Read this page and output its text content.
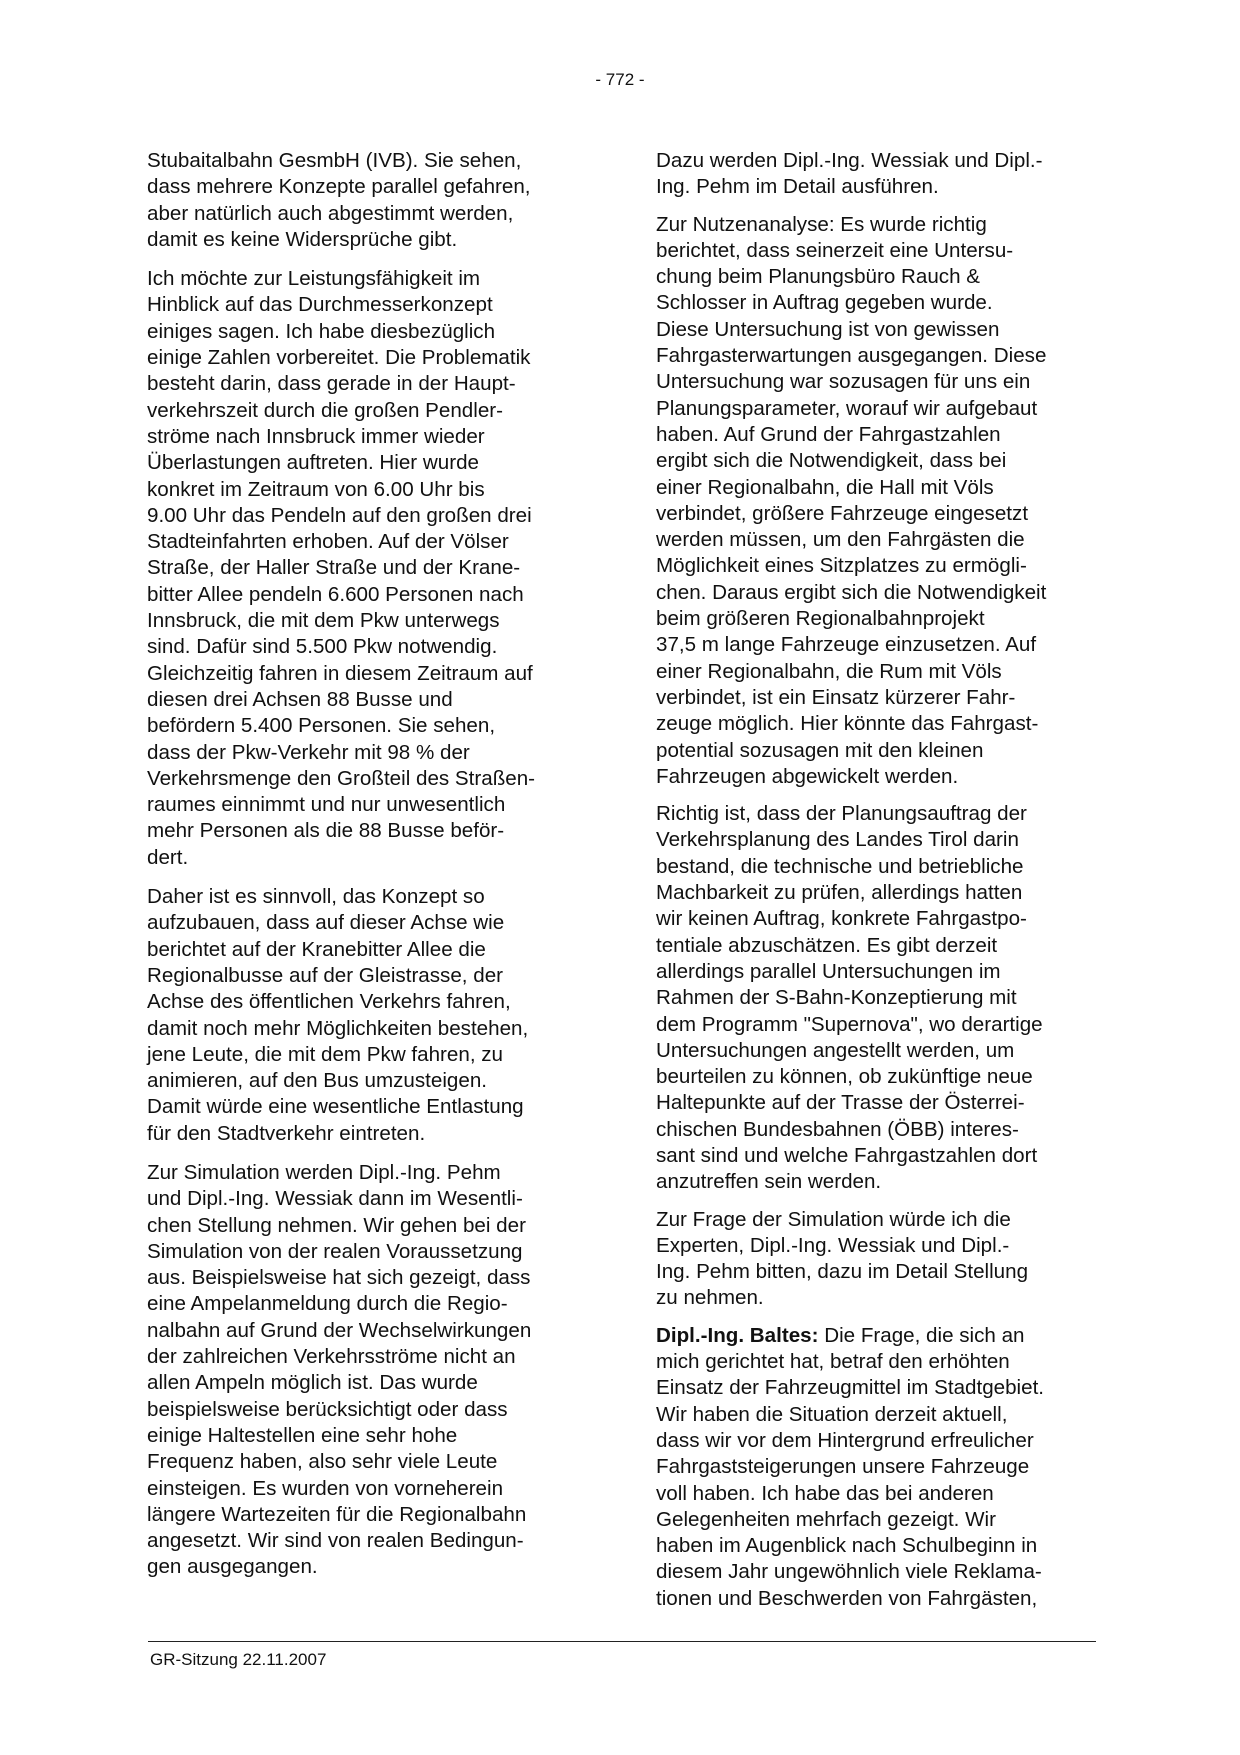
- 772 -

Stubaitalbahn GesmbH (IVB). Sie sehen,
dass mehrere Konzepte parallel gefahren,
aber natürlich auch abgestimmt werden,
damit es keine Widersprüche gibt.

Ich möchte zur Leistungsfähigkeit im
Hinblick auf das Durchmesserkonzept
einiges sagen. Ich habe diesbezüglich
einige Zahlen vorbereitet. Die Problematik
besteht darin, dass gerade in der Haupt-
verkehrszeit durch die großen Pendler-
ströme nach Innsbruck immer wieder
Überlastungen auftreten. Hier wurde
konkret im Zeitraum von 6.00 Uhr bis
9.00 Uhr das Pendeln auf den großen drei
Stadteinfahrten erhoben. Auf der Völser
Straße, der Haller Straße und der Krane-
bitter Allee pendeln 6.600 Personen nach
Innsbruck, die mit dem Pkw unterwegs
sind. Dafür sind 5.500 Pkw notwendig.
Gleichzeitig fahren in diesem Zeitraum auf
diesen drei Achsen 88 Busse und
befördern 5.400 Personen. Sie sehen,
dass der Pkw-Verkehr mit 98 % der
Verkehrsmenge den Großteil des Straßen-
raumes einnimmt und nur unwesentlich
mehr Personen als die 88 Busse beför-
dert.

Daher ist es sinnvoll, das Konzept so
aufzubauen, dass auf dieser Achse wie
berichtet auf der Kranebitter Allee die
Regionalbusse auf der Gleistrasse, der
Achse des öffentlichen Verkehrs fahren,
damit noch mehr Möglichkeiten bestehen,
jene Leute, die mit dem Pkw fahren, zu
animieren, auf den Bus umzusteigen.
Damit würde eine wesentliche Entlastung
für den Stadtverkehr eintreten.

Zur Simulation werden Dipl.-Ing. Pehm
und Dipl.-Ing. Wessiak dann im Wesentli-
chen Stellung nehmen. Wir gehen bei der
Simulation von der realen Voraussetzung
aus. Beispielsweise hat sich gezeigt, dass
eine Ampelanmeldung durch die Regio-
nalbahn auf Grund der Wechselwirkungen
der zahlreichen Verkehrsströme nicht an
allen Ampeln möglich ist. Das wurde
beispielsweise berücksichtigt oder dass
einige Haltestellen eine sehr hohe
Frequenz haben, also sehr viele Leute
einsteigen. Es wurden von vorneherein
längere Wartezeiten für die Regionalbahn
angesetzt. Wir sind von realen Bedingun-
gen ausgegangen.

Dazu werden Dipl.-Ing. Wessiak und Dipl.-
Ing. Pehm im Detail ausführen.

Zur Nutzenanalyse: Es wurde richtig
berichtet, dass seinerzeit eine Untersu-
chung beim Planungsbüro Rauch &
Schlosser in Auftrag gegeben wurde.
Diese Untersuchung ist von gewissen
Fahrgasterwartungen ausgegangen. Diese
Untersuchung war sozusagen für uns ein
Planungsparameter, worauf wir aufgebaut
haben. Auf Grund der Fahrgastzahlen
ergibt sich die Notwendigkeit, dass bei
einer Regionalbahn, die Hall mit Völs
verbindet, größere Fahrzeuge eingesetzt
werden müssen, um den Fahrgästen die
Möglichkeit eines Sitzplatzes zu ermögli-
chen. Daraus ergibt sich die Notwendigkeit
beim größeren Regionalbahnprojekt
37,5 m lange Fahrzeuge einzusetzen. Auf
einer Regionalbahn, die Rum mit Völs
verbindet, ist ein Einsatz kürzerer Fahr-
zeuge möglich. Hier könnte das Fahrgast-
potential sozusagen mit den kleinen
Fahrzeugen abgewickelt werden.

Richtig ist, dass der Planungsauftrag der
Verkehrsplanung des Landes Tirol darin
bestand, die technische und betriebliche
Machbarkeit zu prüfen, allerdings hatten
wir keinen Auftrag, konkrete Fahrgastpo-
tentiale abzuschätzen. Es gibt derzeit
allerdings parallel Untersuchungen im
Rahmen der S-Bahn-Konzeptierung mit
dem Programm "Supernova", wo derartige
Untersuchungen angestellt werden, um
beurteilen zu können, ob zukünftige neue
Haltepunkte auf der Trasse der Österrei-
chischen Bundesbahnen (ÖBB) interes-
sant sind und welche Fahrgastzahlen dort
anzutreffen sein werden.

Zur Frage der Simulation würde ich die
Experten, Dipl.-Ing. Wessiak und Dipl.-
Ing. Pehm bitten, dazu im Detail Stellung
zu nehmen.

Dipl.-Ing. Baltes: Die Frage, die sich an
mich gerichtet hat, betraf den erhöhten
Einsatz der Fahrzeugmittel im Stadtgebiet.
Wir haben die Situation derzeit aktuell,
dass wir vor dem Hintergrund erfreulicher
Fahrgaststeigerungen unsere Fahrzeuge
voll haben. Ich habe das bei anderen
Gelegenheiten mehrfach gezeigt. Wir
haben im Augenblick nach Schulbeginn in
diesem Jahr ungewöhnlich viele Reklama-
tionen und Beschwerden von Fahrgästen,

GR-Sitzung 22.11.2007
